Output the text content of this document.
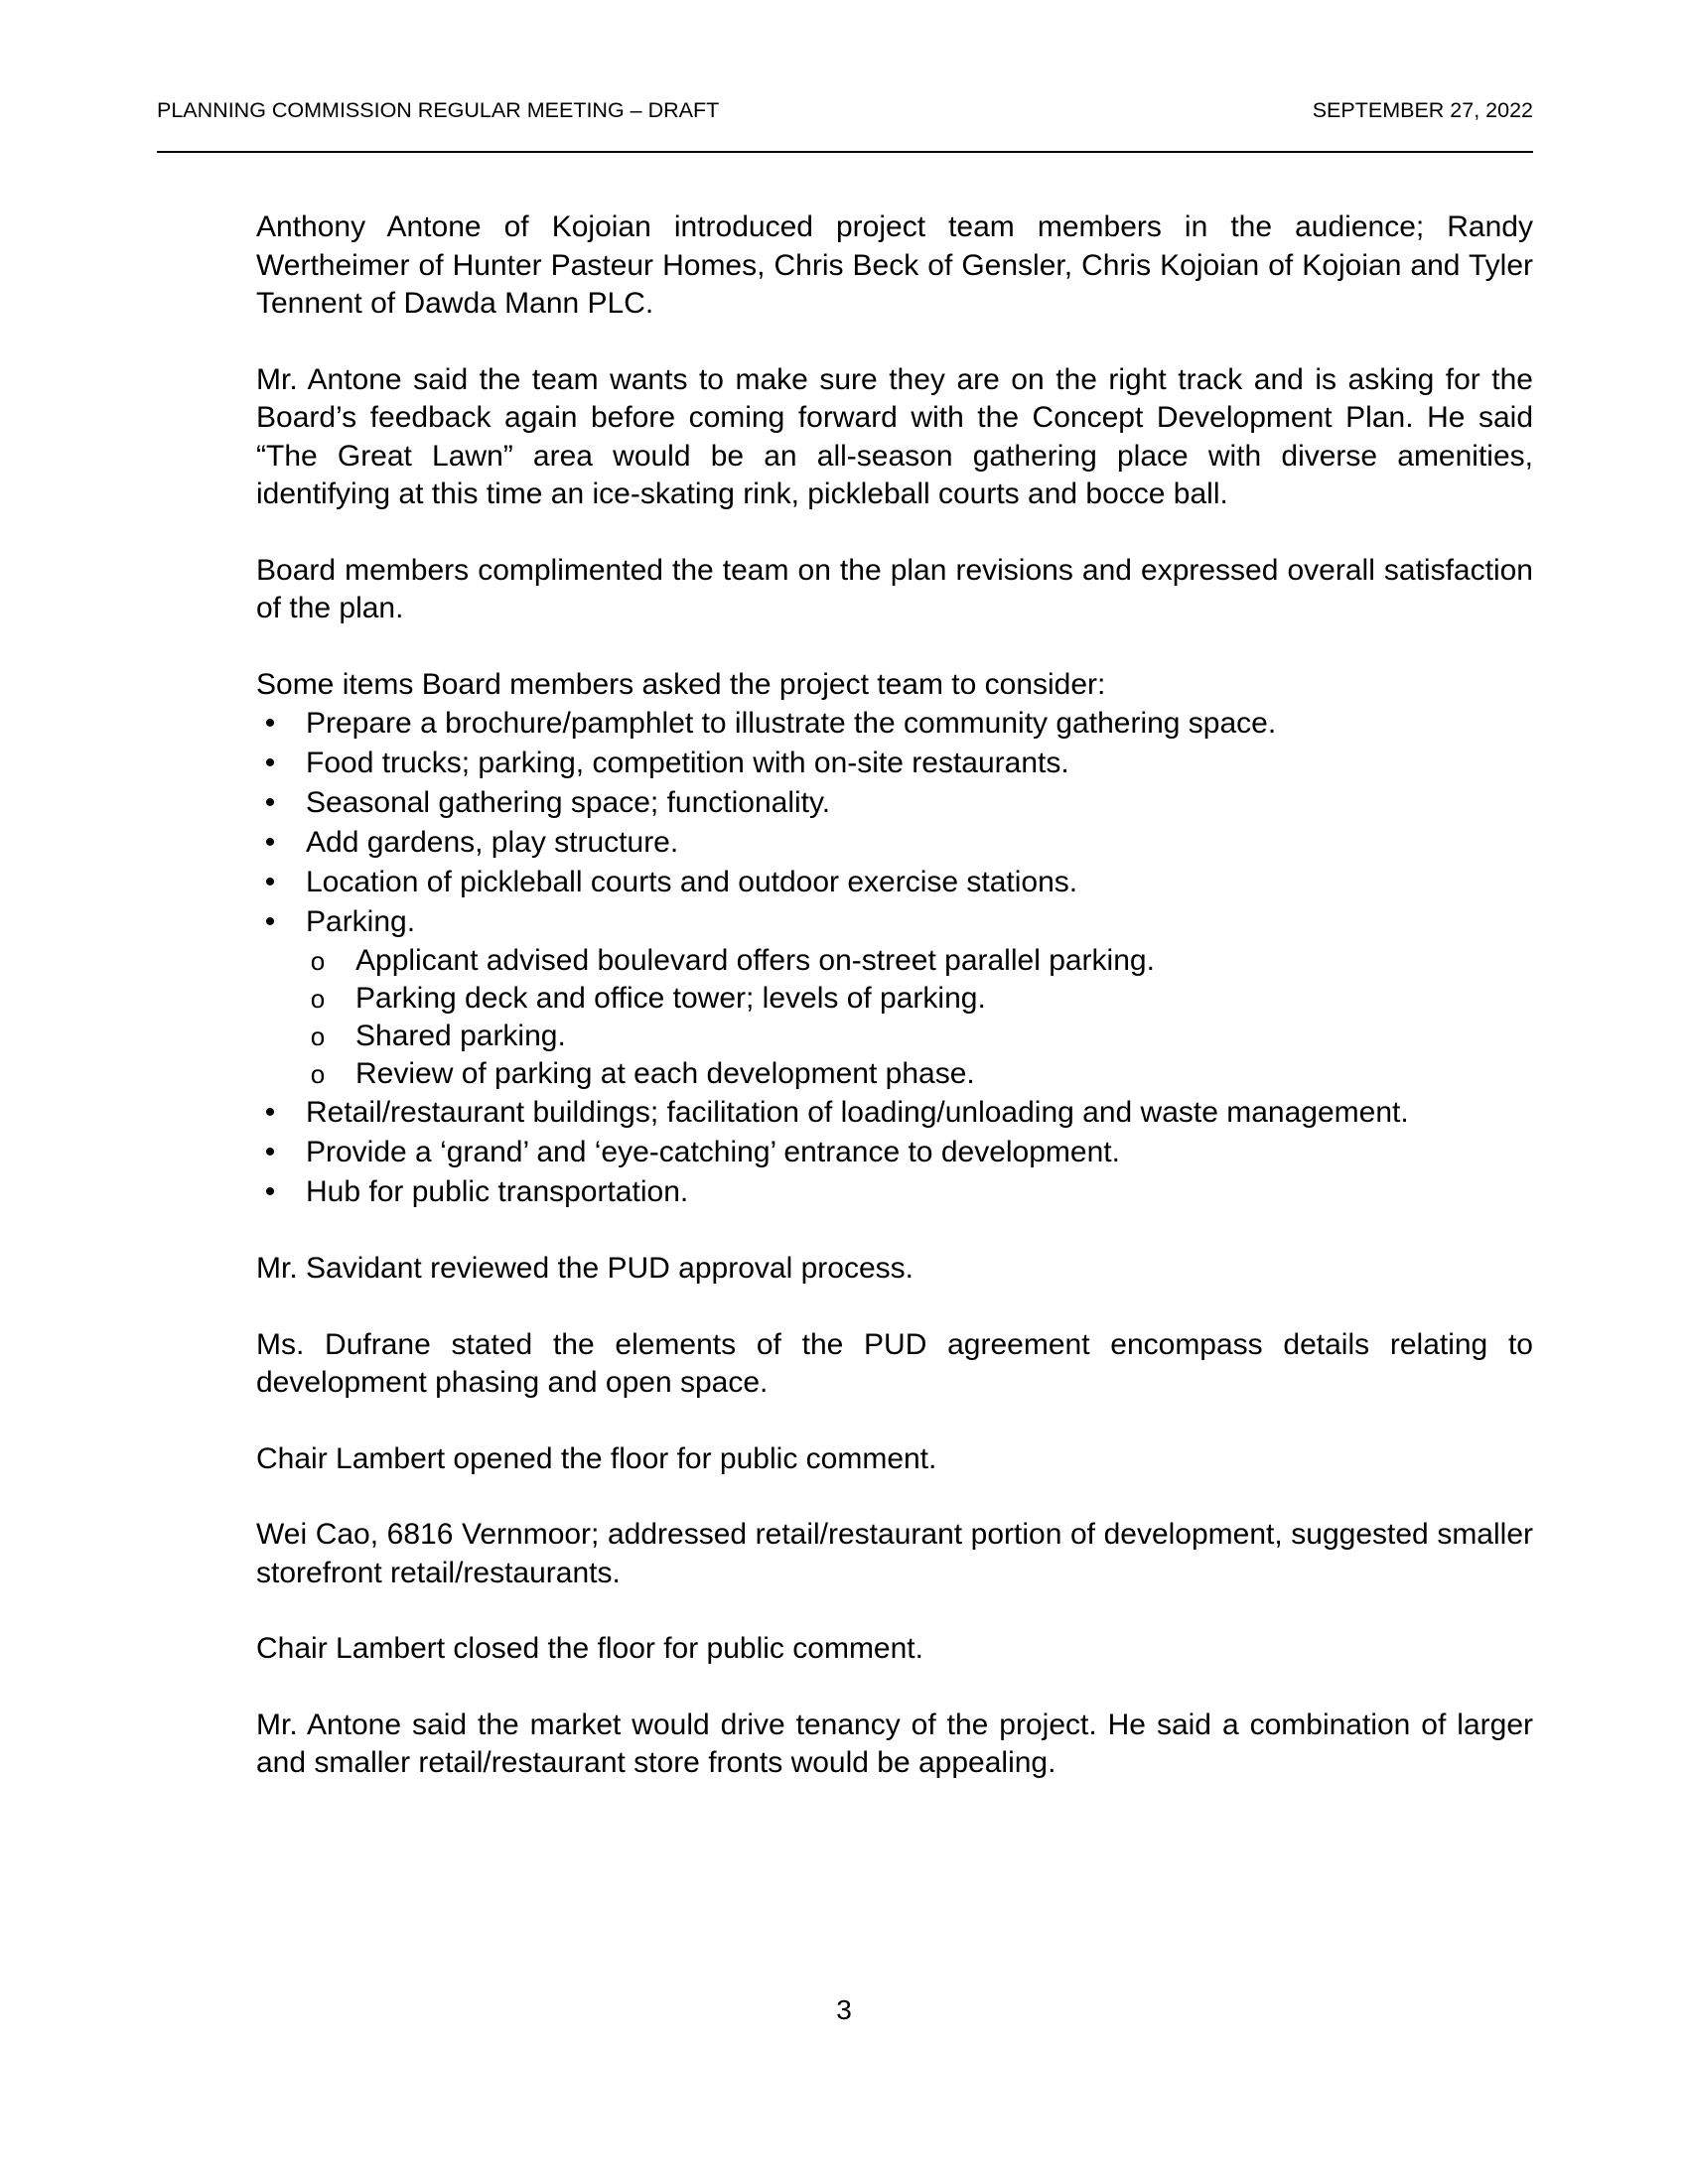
PLANNING COMMISSION REGULAR MEETING – DRAFT	SEPTEMBER 27, 2022

Anthony Antone of Kojoian introduced project team members in the audience; Randy Wertheimer of Hunter Pasteur Homes, Chris Beck of Gensler, Chris Kojoian of Kojoian and Tyler Tennent of Dawda Mann PLC.

Mr. Antone said the team wants to make sure they are on the right track and is asking for the Board’s feedback again before coming forward with the Concept Development Plan. He said “The Great Lawn” area would be an all-season gathering place with diverse amenities, identifying at this time an ice-skating rink, pickleball courts and bocce ball.

Board members complimented the team on the plan revisions and expressed overall satisfaction of the plan.

Some items Board members asked the project team to consider:

• Prepare a brochure/pamphlet to illustrate the community gathering space.
• Food trucks; parking, competition with on-site restaurants.
• Seasonal gathering space; functionality.
• Add gardens, play structure.
• Location of pickleball courts and outdoor exercise stations.
• Parking.
o Applicant advised boulevard offers on-street parallel parking.
o Parking deck and office tower; levels of parking.
o Shared parking.
o Review of parking at each development phase.
• Retail/restaurant buildings; facilitation of loading/unloading and waste management.
• Provide a ‘grand’ and ‘eye-catching’ entrance to development.
• Hub for public transportation.

Mr. Savidant reviewed the PUD approval process.

Ms. Dufrane stated the elements of the PUD agreement encompass details relating to development phasing and open space.

Chair Lambert opened the floor for public comment.

Wei Cao, 6816 Vernmoor; addressed retail/restaurant portion of development, suggested smaller storefront retail/restaurants.

Chair Lambert closed the floor for public comment.

Mr. Antone said the market would drive tenancy of the project. He said a combination of larger and smaller retail/restaurant store fronts would be appealing.

3
